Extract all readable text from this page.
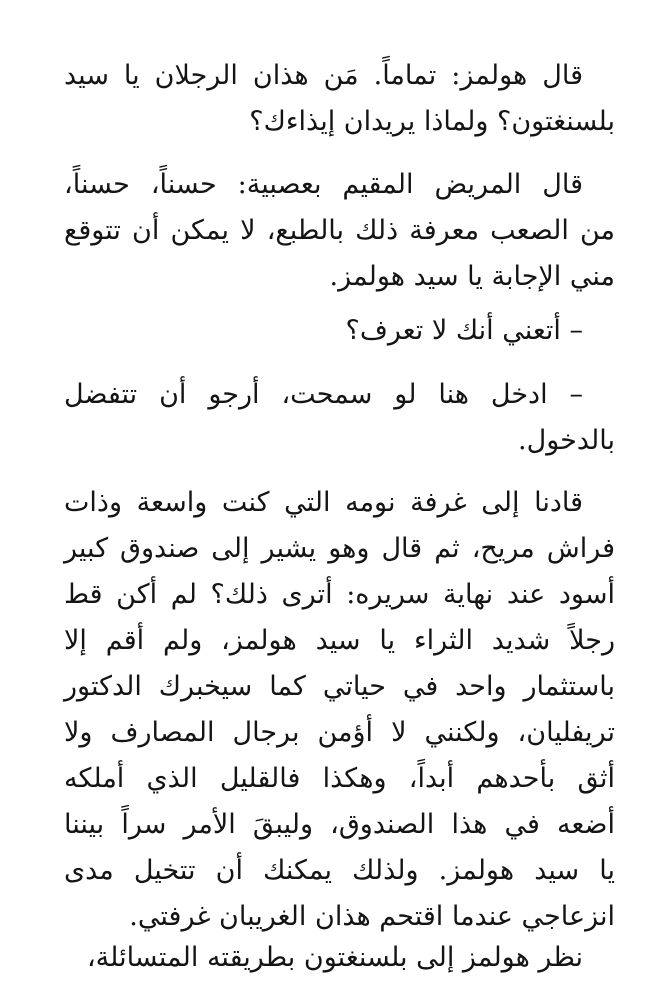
قال هولمز: تماماً. مَن هذان الرجلان يا سيد
بلسنغتون؟ ولماذا يريدان إيذاءك؟
قال المريض المقيم بعصبية: حسناً، حسناً،
من الصعب معرفة ذلك بالطبع، لا يمكن أن تتوقع
مني الإجابة يا سيد هولمز.
– أتعني أنك لا تعرف؟
– ادخل هنا لو سمحت، أرجو أن تتفضل
بالدخول.
قادنا إلى غرفة نومه التي كنت واسعة وذات
فراش مريح، ثم قال وهو يشير إلى صندوق كبير
أسود عند نهاية سريره: أترى ذلك؟ لم أكن قط
رجلاً شديد الثراء يا سيد هولمز، ولم أقم إلا
باستثمار واحد في حياتي كما سيخبرك الدكتور
تريفليان، ولكنني لا أؤمن برجال المصارف ولا
أثق بأحدهم أبداً، وهكذا فالقليل الذي أملكه
أضعه في هذا الصندوق، وليبقَ الأمر سراً بيننا
يا سيد هولمز. ولذلك يمكنك أن تتخيل مدى
انزعاجي عندما اقتحم هذان الغريبان غرفتي.
نظر هولمز إلى بلسنغتون بطريقته المتسائلة،
